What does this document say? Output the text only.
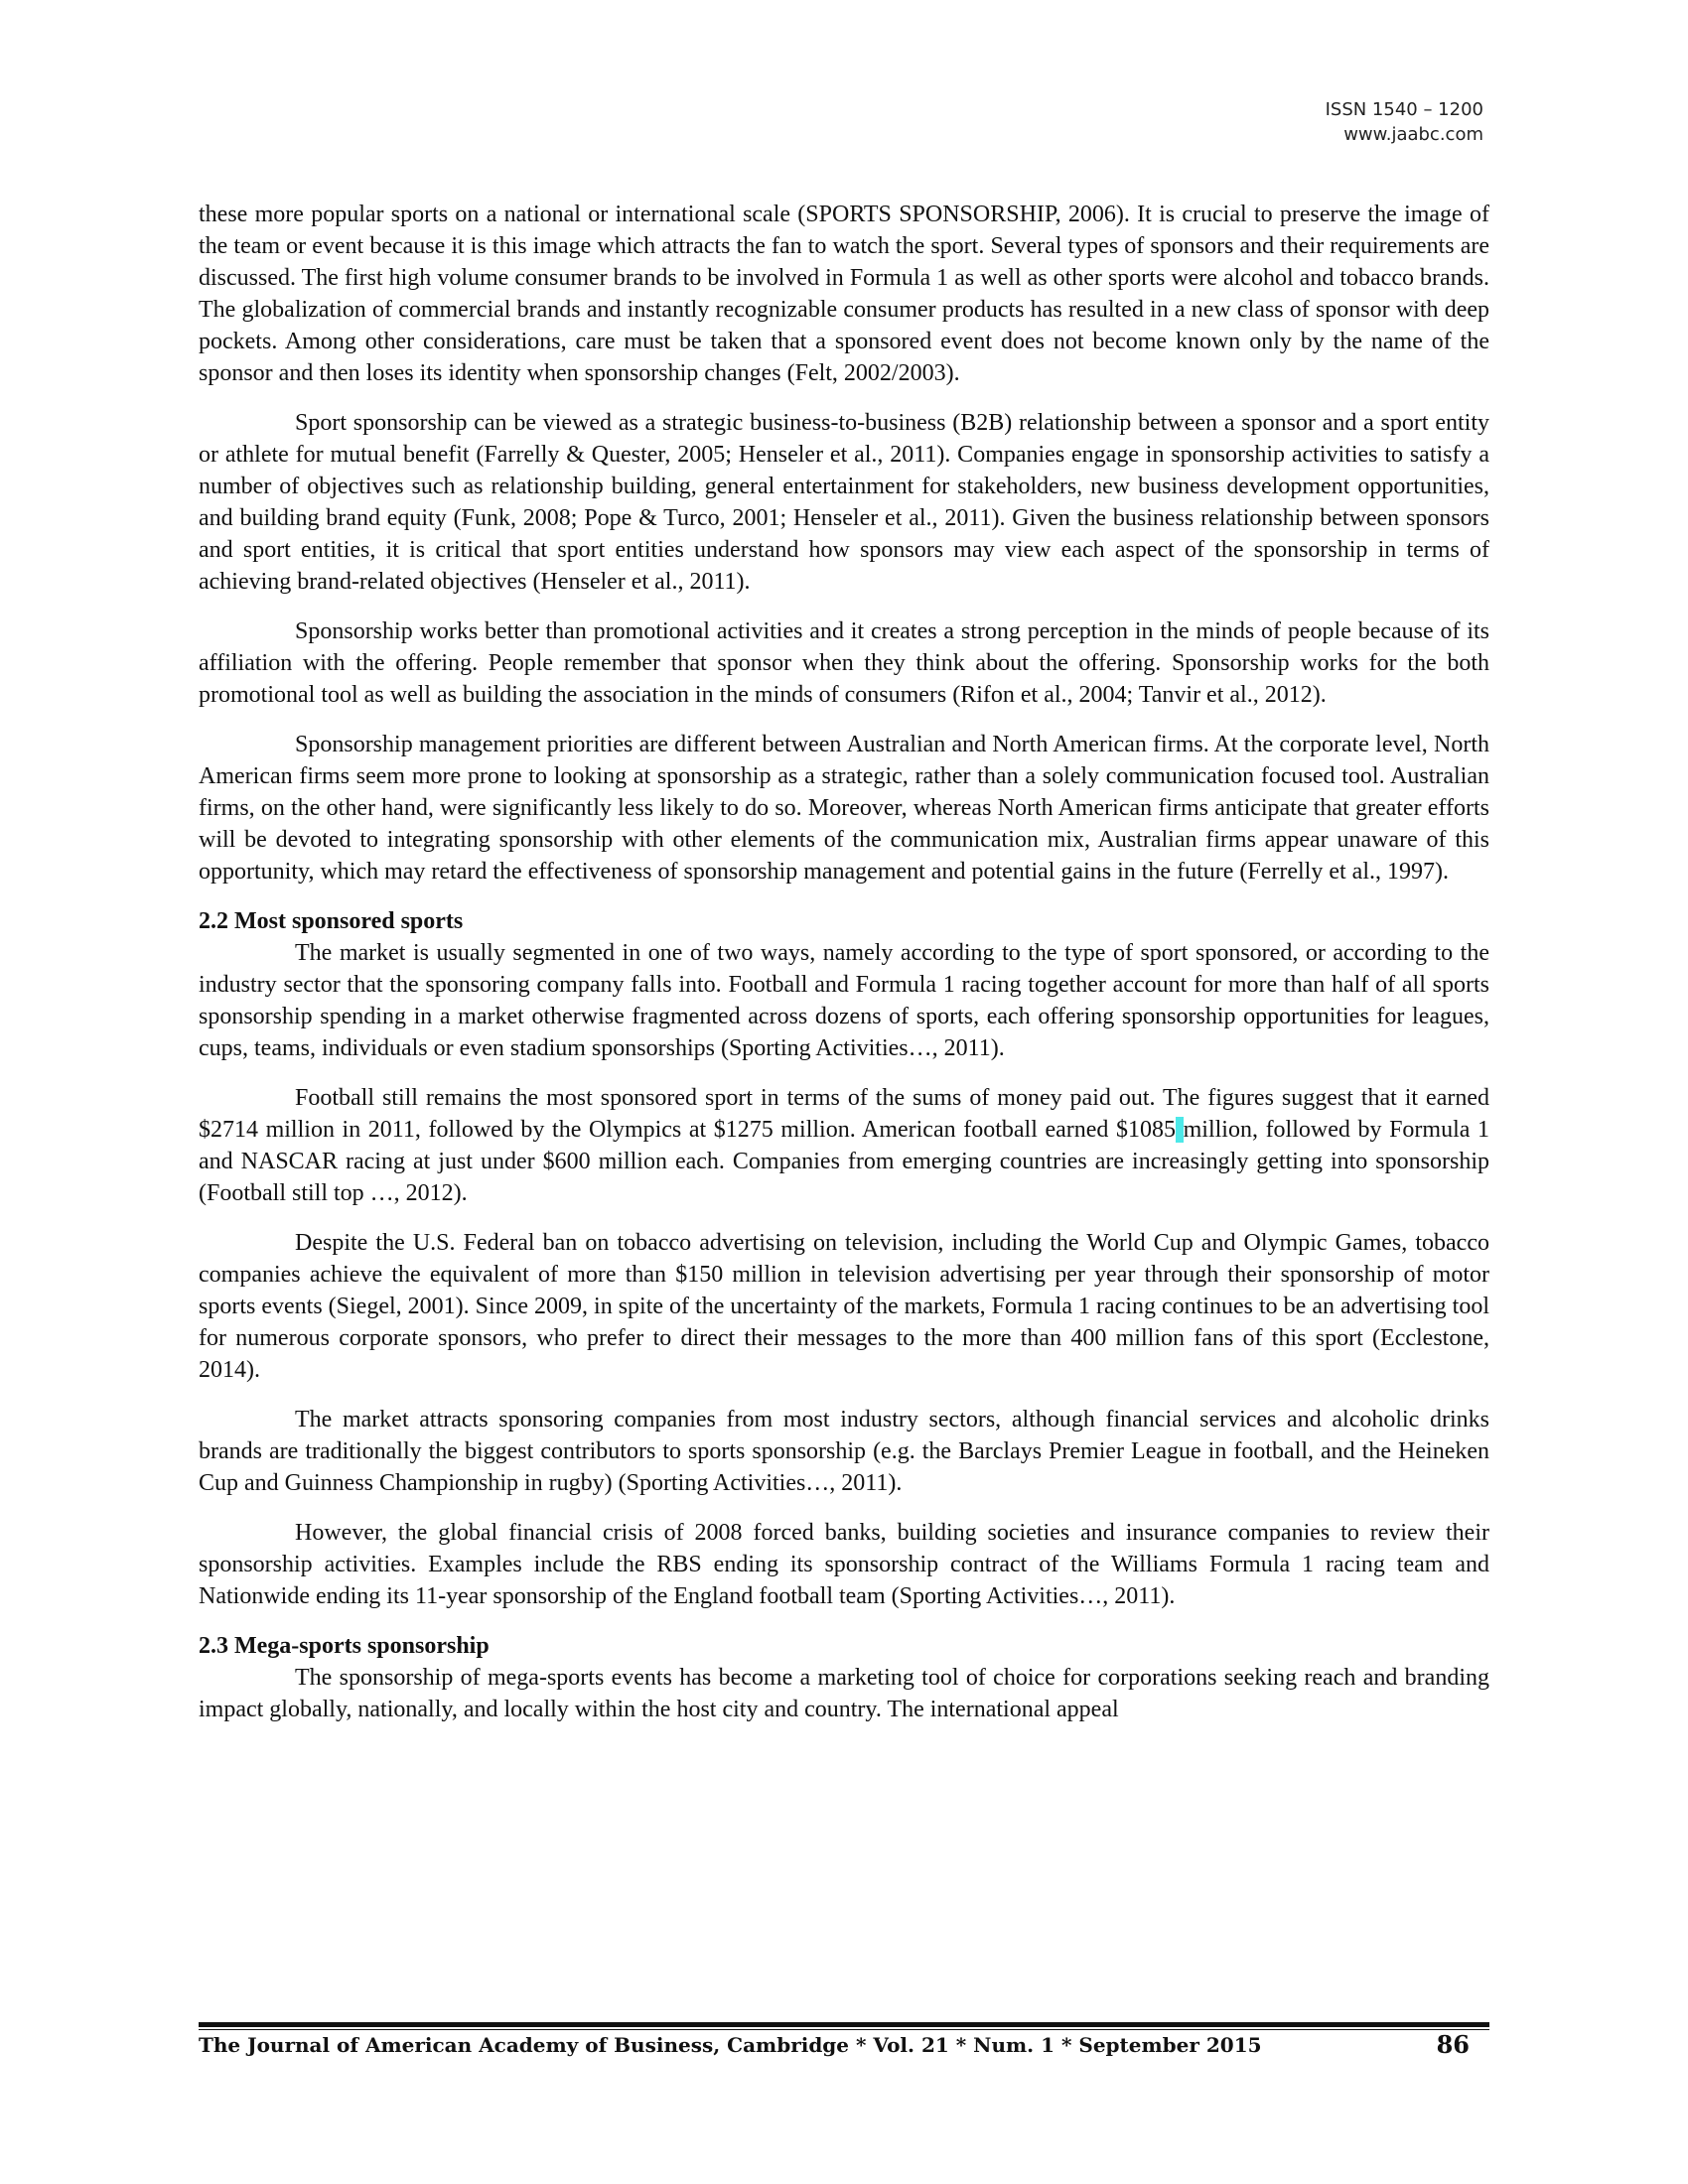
ISSN 1540 – 1200
www.jaabc.com

these more popular sports on a national or international scale (SPORTS SPONSORSHIP, 2006). It is crucial to preserve the image of the team or event because it is this image which attracts the fan to watch the sport. Several types of sponsors and their requirements are discussed. The first high volume consumer brands to be involved in Formula 1 as well as other sports were alcohol and tobacco brands. The globalization of commercial brands and instantly recognizable consumer products has resulted in a new class of sponsor with deep pockets. Among other considerations, care must be taken that a sponsored event does not become known only by the name of the sponsor and then loses its identity when sponsorship changes (Felt, 2002/2003).

Sport sponsorship can be viewed as a strategic business-to-business (B2B) relationship between a sponsor and a sport entity or athlete for mutual benefit (Farrelly & Quester, 2005; Henseler et al., 2011). Companies engage in sponsorship activities to satisfy a number of objectives such as relationship building, general entertainment for stakeholders, new business development opportunities, and building brand equity (Funk, 2008; Pope & Turco, 2001; Henseler et al., 2011). Given the business relationship between sponsors and sport entities, it is critical that sport entities understand how sponsors may view each aspect of the sponsorship in terms of achieving brand-related objectives (Henseler et al., 2011).

Sponsorship works better than promotional activities and it creates a strong perception in the minds of people because of its affiliation with the offering. People remember that sponsor when they think about the offering. Sponsorship works for the both promotional tool as well as building the association in the minds of consumers (Rifon et al., 2004; Tanvir et al., 2012).

Sponsorship management priorities are different between Australian and North American firms. At the corporate level, North American firms seem more prone to looking at sponsorship as a strategic, rather than a solely communication focused tool. Australian firms, on the other hand, were significantly less likely to do so. Moreover, whereas North American firms anticipate that greater efforts will be devoted to integrating sponsorship with other elements of the communication mix, Australian firms appear unaware of this opportunity, which may retard the effectiveness of sponsorship management and potential gains in the future (Ferrelly et al., 1997).

2.2 Most sponsored sports

The market is usually segmented in one of two ways, namely according to the type of sport sponsored, or according to the industry sector that the sponsoring company falls into. Football and Formula 1 racing together account for more than half of all sports sponsorship spending in a market otherwise fragmented across dozens of sports, each offering sponsorship opportunities for leagues, cups, teams, individuals or even stadium sponsorships (Sporting Activities…, 2011).

Football still remains the most sponsored sport in terms of the sums of money paid out. The figures suggest that it earned $2714 million in 2011, followed by the Olympics at $1275 million. American football earned $1085 million, followed by Formula 1 and NASCAR racing at just under $600 million each. Companies from emerging countries are increasingly getting into sponsorship (Football still top …, 2012).

Despite the U.S. Federal ban on tobacco advertising on television, including the World Cup and Olympic Games, tobacco companies achieve the equivalent of more than $150 million in television advertising per year through their sponsorship of motor sports events (Siegel, 2001). Since 2009, in spite of the uncertainty of the markets, Formula 1 racing continues to be an advertising tool for numerous corporate sponsors, who prefer to direct their messages to the more than 400 million fans of this sport (Ecclestone, 2014).

The market attracts sponsoring companies from most industry sectors, although financial services and alcoholic drinks brands are traditionally the biggest contributors to sports sponsorship (e.g. the Barclays Premier League in football, and the Heineken Cup and Guinness Championship in rugby) (Sporting Activities…, 2011).

However, the global financial crisis of 2008 forced banks, building societies and insurance companies to review their sponsorship activities. Examples include the RBS ending its sponsorship contract of the Williams Formula 1 racing team and Nationwide ending its 11-year sponsorship of the England football team (Sporting Activities…, 2011).

2.3 Mega-sports sponsorship

The sponsorship of mega-sports events has become a marketing tool of choice for corporations seeking reach and branding impact globally, nationally, and locally within the host city and country. The international appeal

The Journal of American Academy of Business, Cambridge * Vol. 21 * Num. 1 * September 2015	86
